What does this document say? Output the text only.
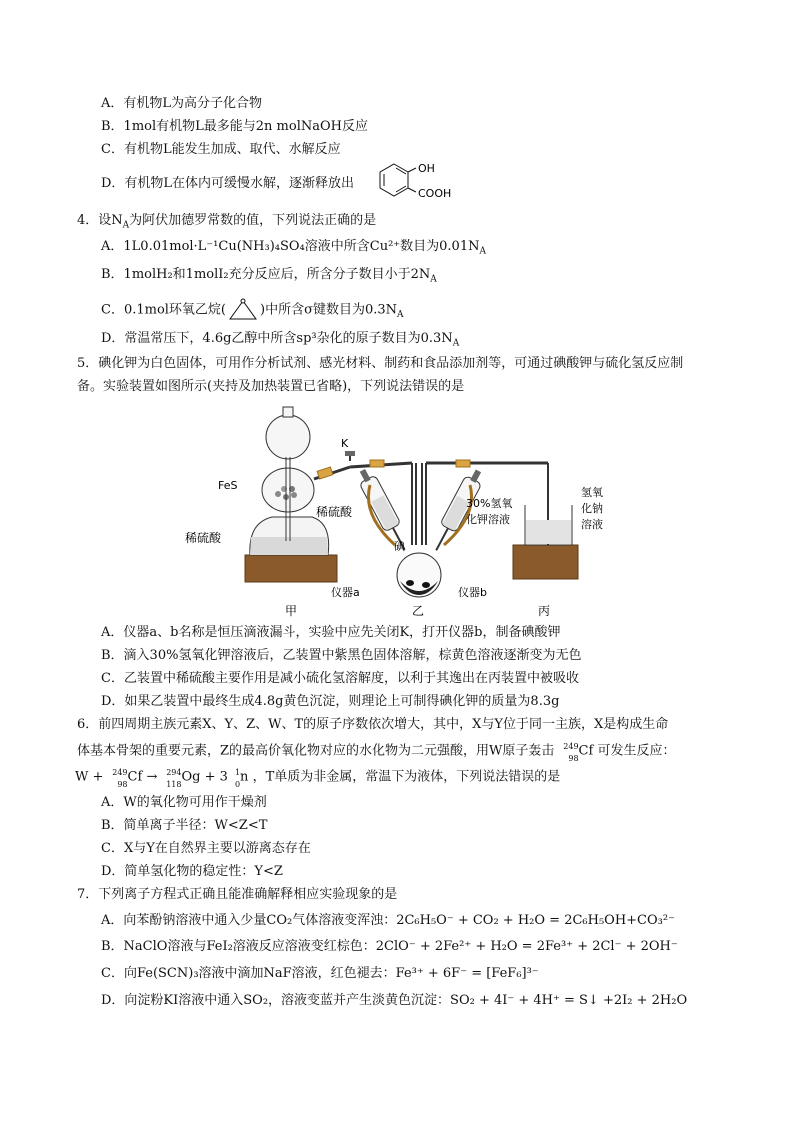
A．有机物L为高分子化合物
B．1mol有机物L最多能与2n molNaOH反应
C．有机物L能发生加成、取代、水解反应
D．有机物L在体内可缓慢水解，逐渐释放出
OH
COOH
4．设$N_A$为阿伏加德罗常数的值，下列说法正确的是
A．1L0.01mol·L⁻¹Cu(NH₃)₄SO₄溶液中所含Cu²⁺数目为$0.01N_A$
B．1molH₂和1molI₂充分反应后，所含分子数目小于$2N_A$
C．0.1mol环氧乙烷(	)中所含σ键数目为$0.3N_A$
D．常温常压下，4.6g乙醇中所含sp³杂化的原子数目为$0.3N_A$
5．碘化钾为白色固体，可用作分析试剂、感光材料、制药和食品添加剂等，可通过碘酸钾与硫化氢反应制
备。实验装置如图所示(夹持及加热装置已省略)，下列说法错误的是
K
FeS
稀硫酸
稀硫酸
30%氢氧
化钾溶液
氢氧
化钠
溶液
碘
仪器a	仪器b
甲	乙	丙
A．仪器a、b名称是恒压滴液漏斗，实验中应先关闭K，打开仪器b，制备碘酸钾
B．滴入30%氢氧化钾溶液后，乙装置中紫黑色固体溶解，棕黄色溶液逐渐变为无色
C．乙装置中稀硫酸主要作用是减小硫化氢溶解度，以利于其逸出在丙装置中被吸收
D．如果乙装置中最终生成4.8g黄色沉淀，则理论上可制得碘化钾的质量为8.3g
6．前四周期主族元素X、Y、Z、W、T的原子序数依次增大，其中，X与Y位于同一主族，X是构成生命
体基本骨架的重要元素，Z的最高价氧化物对应的水化物为二元强酸，用W原子轰击 249
98 Cf 可发生反应：
W + 249
98 Cf → 294
118 Og + 3 1
0 n ，T单质为非金属，常温下为液体，下列说法错误的是
A．W的氧化物可用作干燥剂
B．简单离子半径：W<Z<T
C．X与Y在自然界主要以游离态存在
D．简单氢化物的稳定性：Y<Z
7．下列离子方程式正确且能准确解释相应实验现象的是
A．向苯酚钠溶液中通入少量CO₂气体溶液变浑浊：2C₆H₅O⁻ + CO₂ + H₂O = 2C₆H₅OH+CO₃²⁻
B．NaClO溶液与FeI₂溶液反应溶液变红棕色：2ClO⁻ + 2Fe²⁺ + H₂O = 2Fe³⁺ + 2Cl⁻ + 2OH⁻
C．向Fe(SCN)₃溶液中滴加NaF溶液，红色褪去：Fe³⁺ + 6F⁻ = [FeF₆]³⁻
D．向淀粉KI溶液中通入SO₂，溶液变蓝并产生淡黄色沉淀：SO₂ + 4I⁻ + 4H⁺ = S↓ +2I₂ + 2H₂O
